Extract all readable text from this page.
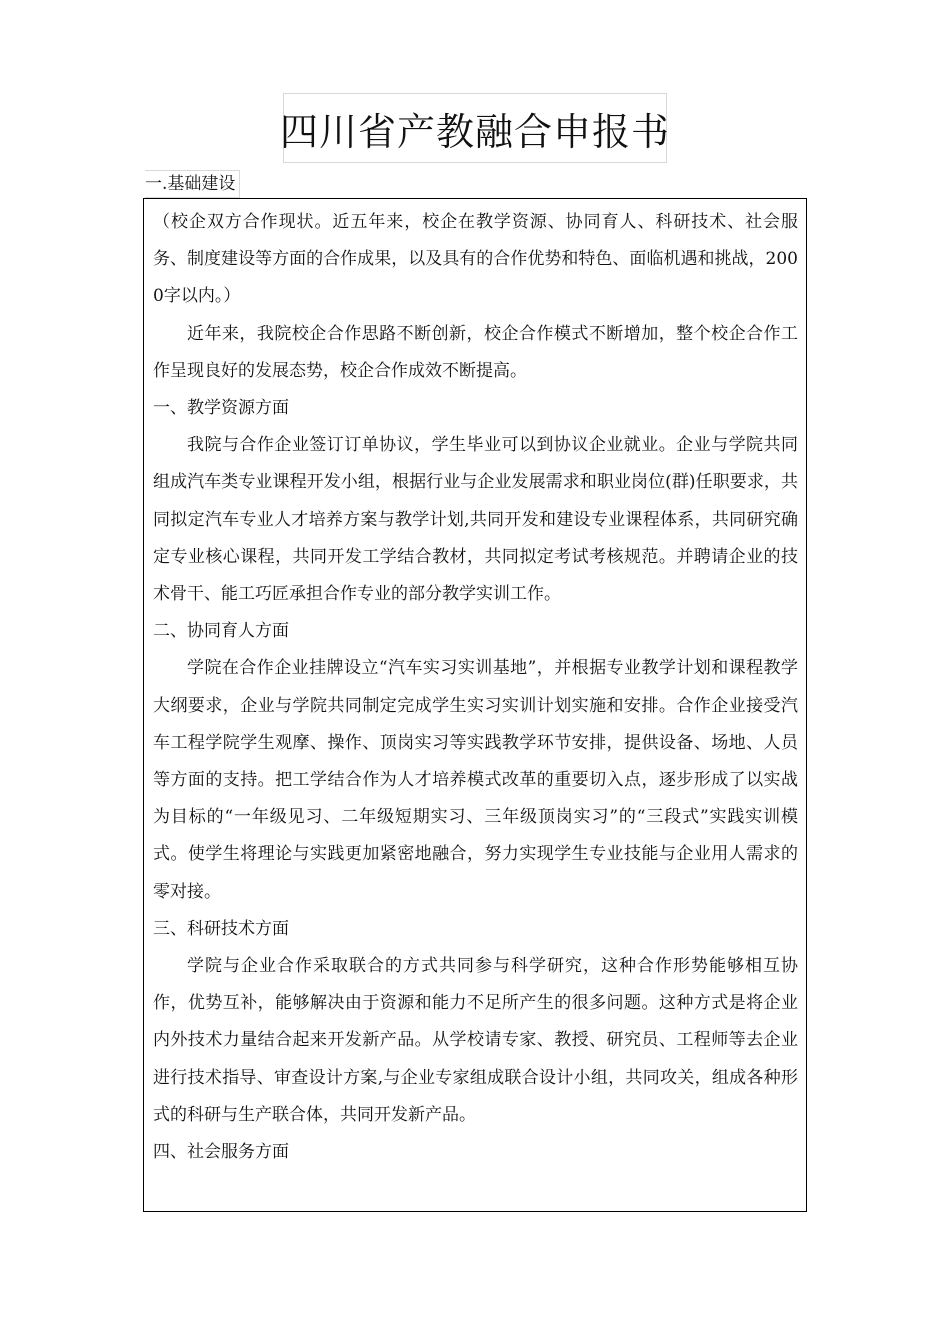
四川省产教融合申报书
一.基础建设

（校企双方合作现状。近五年来，校企在教学资源、协同育人、科研技术、社会服务、制度建设等方面的合作成果，以及具有的合作优势和特色、面临机遇和挑战，2000字以内。）

近年来，我院校企合作思路不断创新，校企合作模式不断增加，整个校企合作工作呈现良好的发展态势，校企合作成效不断提高。

一、教学资源方面

我院与合作企业签订订单协议，学生毕业可以到协议企业就业。企业与学院共同组成汽车类专业课程开发小组，根据行业与企业发展需求和职业岗位(群)任职要求，共同拟定汽车专业人才培养方案与教学计划,共同开发和建设专业课程体系，共同研究确定专业核心课程，共同开发工学结合教材，共同拟定考试考核规范。并聘请企业的技术骨干、能工巧匠承担合作专业的部分教学实训工作。

二、协同育人方面

学院在合作企业挂牌设立“汽车实习实训基地”，并根据专业教学计划和课程教学大纲要求，企业与学院共同制定完成学生实习实训计划实施和安排。合作企业接受汽车工程学院学生观摩、操作、顶岗实习等实践教学环节安排，提供设备、场地、人员等方面的支持。把工学结合作为人才培养模式改革的重要切入点，逐步形成了以实战为目标的“一年级见习、二年级短期实习、三年级顶岗实习”的“三段式”实践实训模式。使学生将理论与实践更加紧密地融合，努力实现学生专业技能与企业用人需求的零对接。

三、科研技术方面

学院与企业合作采取联合的方式共同参与科学研究，这种合作形势能够相互协作，优势互补，能够解决由于资源和能力不足所产生的很多问题。这种方式是将企业内外技术力量结合起来开发新产品。从学校请专家、教授、研究员、工程师等去企业进行技术指导、审查设计方案,与企业专家组成联合设计小组，共同攻关，组成各种形式的科研与生产联合体，共同开发新产品。

四、社会服务方面
